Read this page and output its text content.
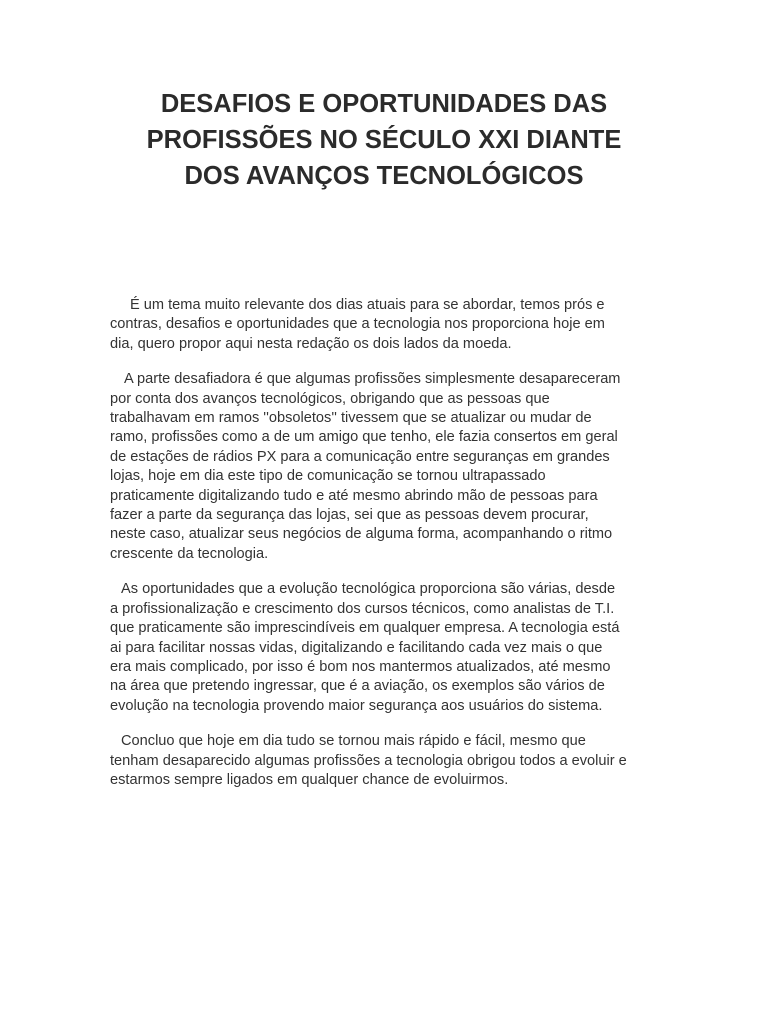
DESAFIOS E OPORTUNIDADES DAS
PROFISSÕES NO SÉCULO XXI DIANTE
DOS AVANÇOS TECNOLÓGICOS

É um tema muito relevante dos dias atuais para se abordar, temos prós e
contras, desafios e oportunidades que a tecnologia nos proporciona hoje em
dia, quero propor aqui nesta redação os dois lados da moeda.

A parte desafiadora é que algumas profissões simplesmente desapareceram
por conta dos avanços tecnológicos, obrigando que as pessoas que
trabalhavam em ramos ''obsoletos'' tivessem que se atualizar ou mudar de
ramo, profissões como a de um amigo que tenho, ele fazia consertos em geral
de estações de rádios PX para a comunicação entre seguranças em grandes
lojas, hoje em dia este tipo de comunicação se tornou ultrapassado
praticamente digitalizando tudo e até mesmo abrindo mão de pessoas para
fazer a parte da segurança das lojas, sei que as pessoas devem procurar,
neste caso, atualizar seus negócios de alguma forma, acompanhando o ritmo
crescente da tecnologia.

As oportunidades que a evolução tecnológica proporciona são várias, desde
a profissionalização e crescimento dos cursos técnicos, como analistas de T.I.
que praticamente são imprescindíveis em qualquer empresa. A tecnologia está
ai para facilitar nossas vidas, digitalizando e facilitando cada vez mais o que
era mais complicado, por isso é bom nos mantermos atualizados, até mesmo
na área que pretendo ingressar, que é a aviação, os exemplos são vários de
evolução na tecnologia provendo maior segurança aos usuários do sistema.

Concluo que hoje em dia tudo se tornou mais rápido e fácil, mesmo que
tenham desaparecido algumas profissões a tecnologia obrigou todos a evoluir e
estarmos sempre ligados em qualquer chance de evoluirmos.
